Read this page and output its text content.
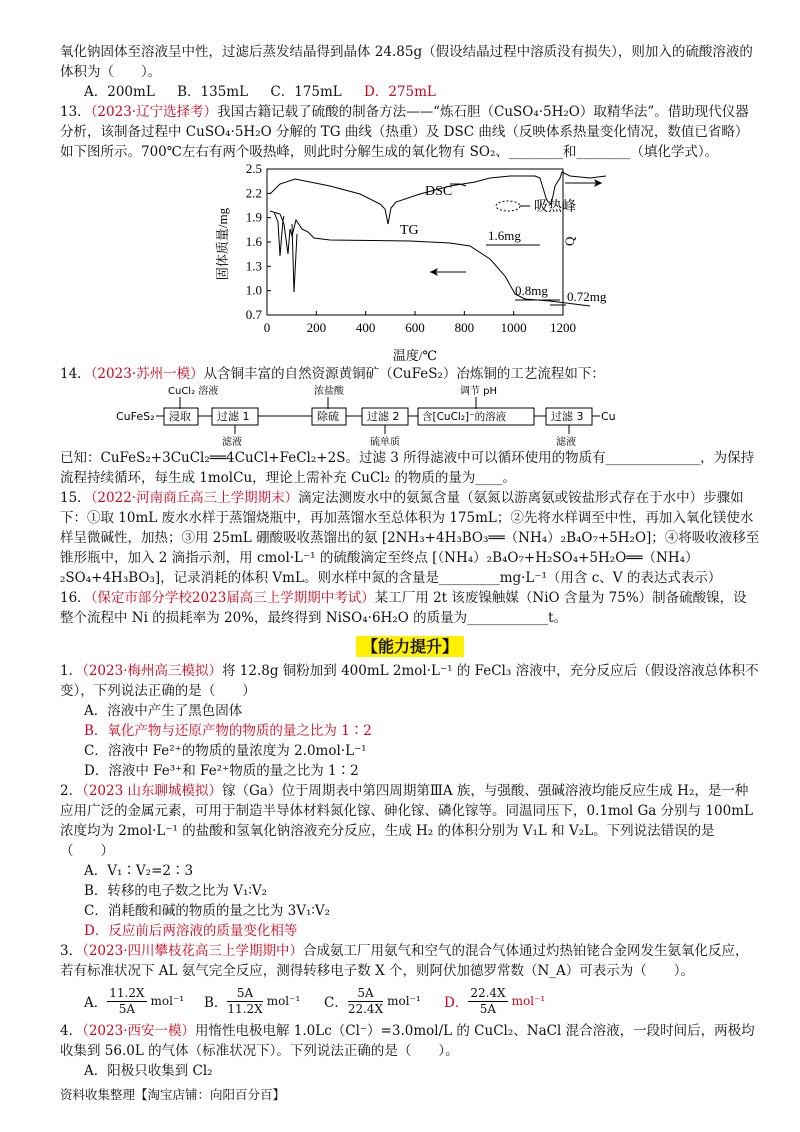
氧化钠固体至溶液呈中性，过滤后蒸发结晶得到晶体 24.85g（假设结晶过程中溶质没有损失），则加入的硫酸溶液的体积为（　　）。

A．200mL B．135mL C．175mL D．275mL

13．（2023·辽宁选择考）我国古籍记载了硫酸的制备方法——“炼石胆（CuSO₄·5H₂O）取精华法”。借助现代仪器分析，该制备过程中 CuSO₄·5H₂O 分解的 TG 曲线（热重）及 DSC 曲线（反映体系热量变化情况，数值已省略）如下图所示。700℃左右有两个吸热峰，则此时分解生成的氧化物有 SO₂、________和________（填化学式）。

2.5
2.2
1.9
1.6
1.3
1.0
0.7
0	200 400 600 800 1000 1200
固体质量/mg
温度/℃
Q
DSC
TG
吸热峰
1.6mg
0.8mg 0.72mg

14．（2023·苏州一模）从含铜丰富的自然资源黄铜矿（CuFeS₂）冶炼铜的工艺流程如下：

CuCl₂ 溶液	浓盐酸	调节 pH
CuFeS₂ 浸取 过滤 1
滤液
除硫	过滤 2
硫单质
含[CuCl₂]⁻的溶液	过滤 3
滤液
Cu

已知：CuFeS₂+3CuCl₂══4CuCl+FeCl₂+2S。过滤 3 所得滤液中可以循环使用的物质有______________，为保持流程持续循环，每生成 1molCu，理论上需补充 CuCl₂ 的物质的量为____。

15．（2022·河南商丘高三上学期期末）滴定法测废水中的氨氮含量（氨氮以游离氨或铵盐形式存在于水中）步骤如下：①取 10mL 废水水样于蒸馏烧瓶中，再加蒸馏水至总体积为 175mL；②先将水样调至中性，再加入氧化镁使水样呈微碱性，加热；③用 25mL 硼酸吸收蒸馏出的氨 [2NH₃+4H₃BO₃══（NH₄）₂B₄O₇+5H₂O]；④将吸收液移至锥形瓶中，加入 2 滴指示剂，用 cmol·L⁻¹ 的硫酸滴定至终点 [（NH₄）₂B₄O₇+H₂SO₄+5H₂O══（NH₄）₂SO₄+4H₃BO₃]，记录消耗的体积 VmL。则水样中氮的含量是_________mg·L⁻¹（用含 c、V 的表达式表示）

16．（保定市部分学校2023届高三上学期期中考试）某工厂用 2t 该废镍触媒（NiO 含量为 75%）制备硫酸镍，设整个流程中 Ni 的损耗率为 20%，最终得到 NiSO₄·6H₂O 的质量为____________t。

【能力提升】

1．（2023·梅州高三模拟）将 12.8g 铜粉加到 400mL 2mol·L⁻¹ 的 FeCl₃ 溶液中，充分反应后（假设溶液总体积不变），下列说法正确的是（　　）

A．溶液中产生了黑色固体

B．氧化产物与还原产物的物质的量之比为 1∶2

C．溶液中 Fe²⁺的物质的量浓度为 2.0mol·L⁻¹

D．溶液中 Fe³⁺和 Fe²⁺物质的量之比为 1∶2

2．（2023 山东聊城模拟）镓（Ga）位于周期表中第四周期第ⅢA 族，与强酸、强碱溶液均能反应生成 H₂，是一种应用广泛的金属元素，可用于制造半导体材料氮化镓、砷化镓、磷化镓等。同温同压下，0.1mol Ga 分别与 100mL 浓度均为 2mol·L⁻¹ 的盐酸和氢氧化钠溶液充分反应，生成 H₂ 的体积分别为 V₁L 和 V₂L。下列说法错误的是（　　）

A．V₁∶V₂=2∶3

B．转移的电子数之比为 V₁∶V₂

C．消耗酸和碱的物质的量之比为 3V₁∶V₂

D．反应前后两溶液的质量变化相等

3．（2023·四川攀枝花高三上学期期中）合成氨工厂用氨气和空气的混合气体通过灼热铂铑合金网发生氨氧化反应，若有标准状况下 AL 氨气完全反应，测得转移电子数 X 个，则阿伏加德罗常数（N_A）可表示为（　　）。

A． $\frac{11.2X}{5A} mol^{-1}$ B． $\frac{5A}{11.2X} mol^{-1}$ C． $\frac{5A}{22.4X} mol^{-1}$ D． $\frac{22.4X}{5A} mol^{-1}$

4．（2023·西安一模）用惰性电极电解 1.0Lc（Cl⁻）=3.0mol/L 的 CuCl₂、NaCl 混合溶液，一段时间后，两极均收集到 56.0L 的气体（标准状况下）。下列说法正确的是（　　）。

A．阳极只收集到 Cl₂

资料收集整理【淘宝店铺：向阳百分百】
